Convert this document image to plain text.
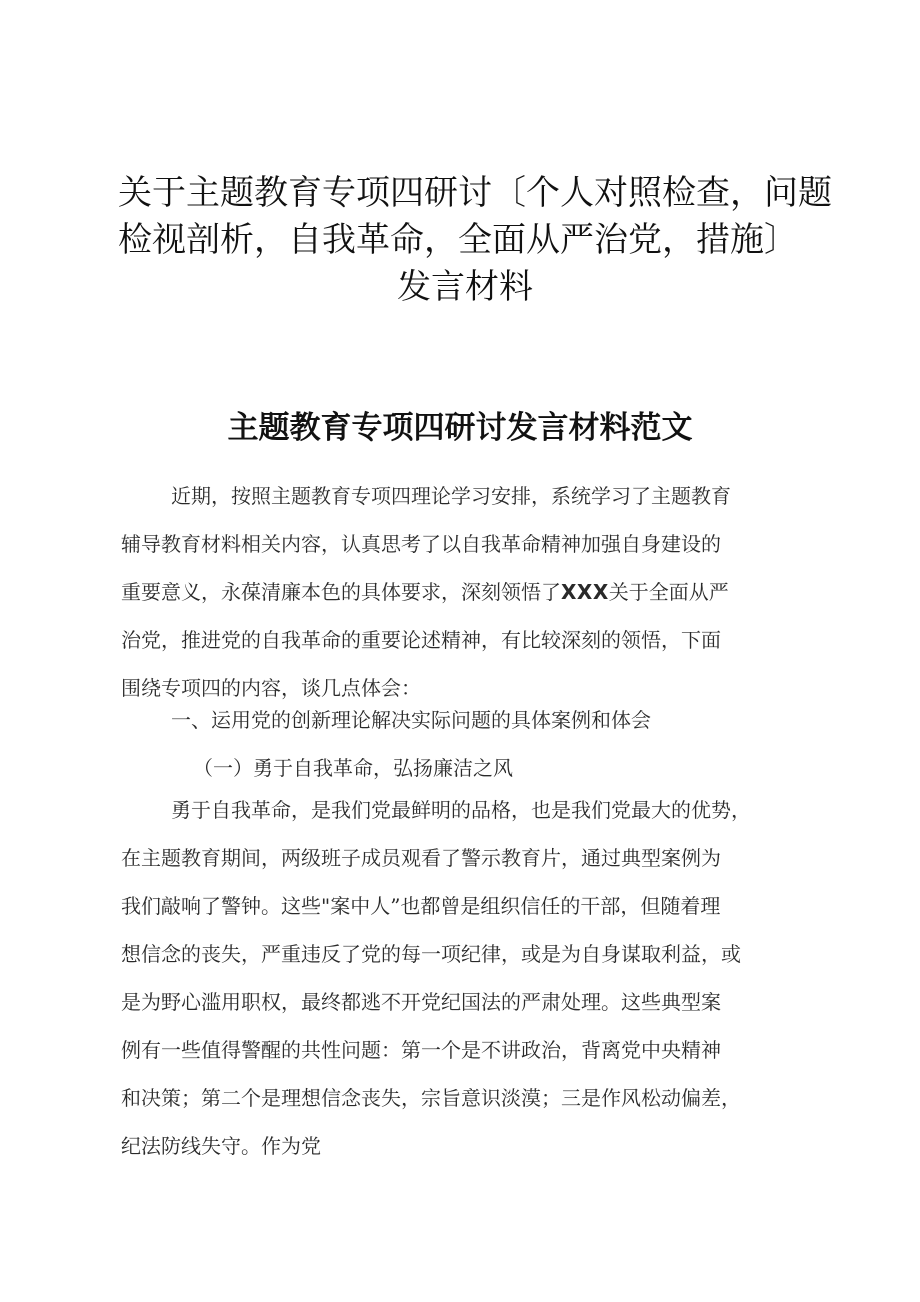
关于主题教育专项四研讨〔个人对照检查，问题
检视剖析，自我革命，全面从严治党，措施〕
发言材料
主题教育专项四研讨发言材料范文
近期，按照主题教育专项四理论学习安排，系统学习了主题教育
辅导教育材料相关内容，认真思考了以自我革命精神加强自身建设的
重要意义，永葆清廉本色的具体要求，深刻领悟了XXX关于全面从严
治党，推进党的自我革命的重要论述精神，有比较深刻的领悟，下面
围绕专项四的内容，谈几点体会：
一、运用党的创新理论解决实际问题的具体案例和体会
（一）勇于自我革命，弘扬廉洁之风
勇于自我革命，是我们党最鲜明的品格，也是我们党最大的优势，
在主题教育期间，两级班子成员观看了警示教育片，通过典型案例为
我们敲响了警钟。这些"案中人”也都曾是组织信任的干部，但随着理
想信念的丧失，严重违反了党的每一项纪律，或是为自身谋取利益，或
是为野心滥用职权，最终都逃不开党纪国法的严肃处理。这些典型案
例有一些值得警醒的共性问题：第一个是不讲政治，背离党中央精神
和决策；第二个是理想信念丧失，宗旨意识淡漠；三是作风松动偏差，
纪法防线失守。作为党
